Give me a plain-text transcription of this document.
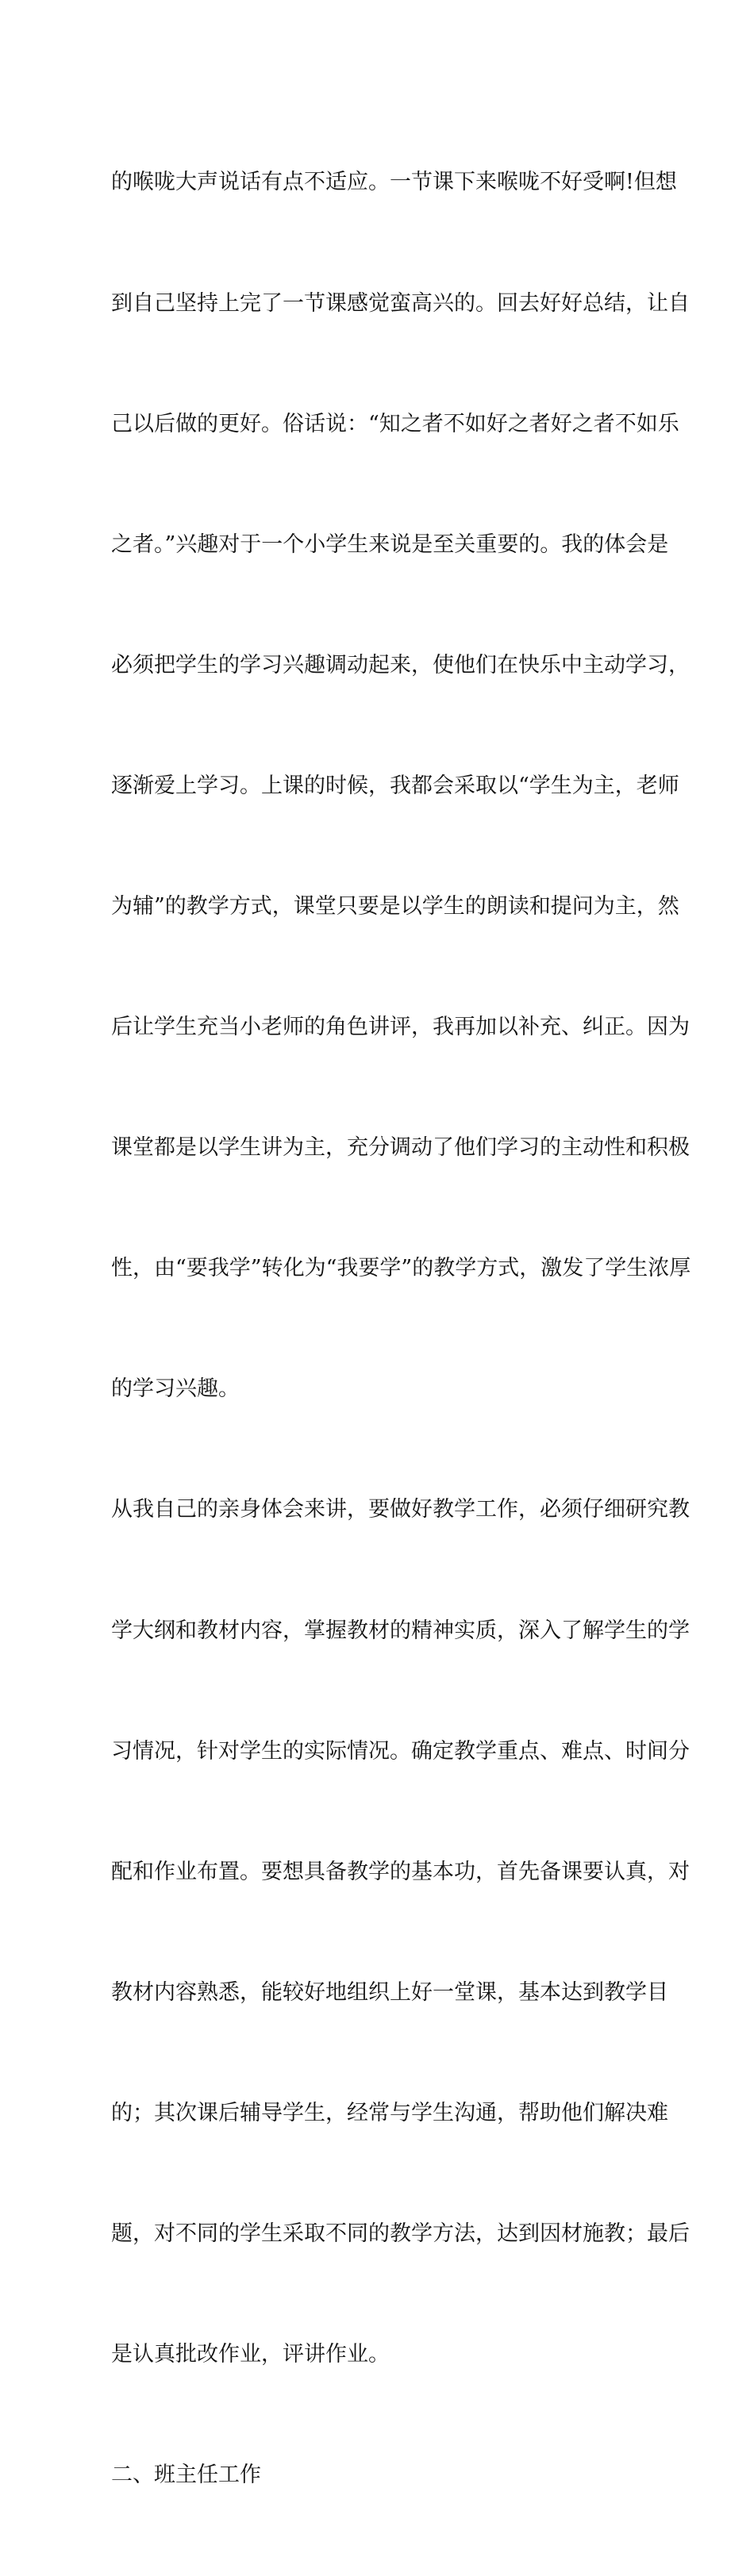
的喉咙大声说话有点不适应。一节课下来喉咙不好受啊!但想

到自己坚持上完了一节课感觉蛮高兴的。回去好好总结，让自

己以后做的更好。俗话说：“知之者不如好之者好之者不如乐

之者。”兴趣对于一个小学生来说是至关重要的。我的体会是

必须把学生的学习兴趣调动起来，使他们在快乐中主动学习，

逐渐爱上学习。上课的时候，我都会采取以“学生为主，老师

为辅”的教学方式，课堂只要是以学生的朗读和提问为主，然

后让学生充当小老师的角色讲评，我再加以补充、纠正。因为

课堂都是以学生讲为主，充分调动了他们学习的主动性和积极

性，由“要我学”转化为“我要学”的教学方式，激发了学生浓厚

的学习兴趣。

从我自己的亲身体会来讲，要做好教学工作，必须仔细研究教

学大纲和教材内容，掌握教材的精神实质，深入了解学生的学

习情况，针对学生的实际情况。确定教学重点、难点、时间分

配和作业布置。要想具备教学的基本功，首先备课要认真，对

教材内容熟悉，能较好地组织上好一堂课，基本达到教学目

的；其次课后辅导学生，经常与学生沟通，帮助他们解决难

题，对不同的学生采取不同的教学方法，达到因材施教；最后

是认真批改作业，评讲作业。

二、班主任工作
